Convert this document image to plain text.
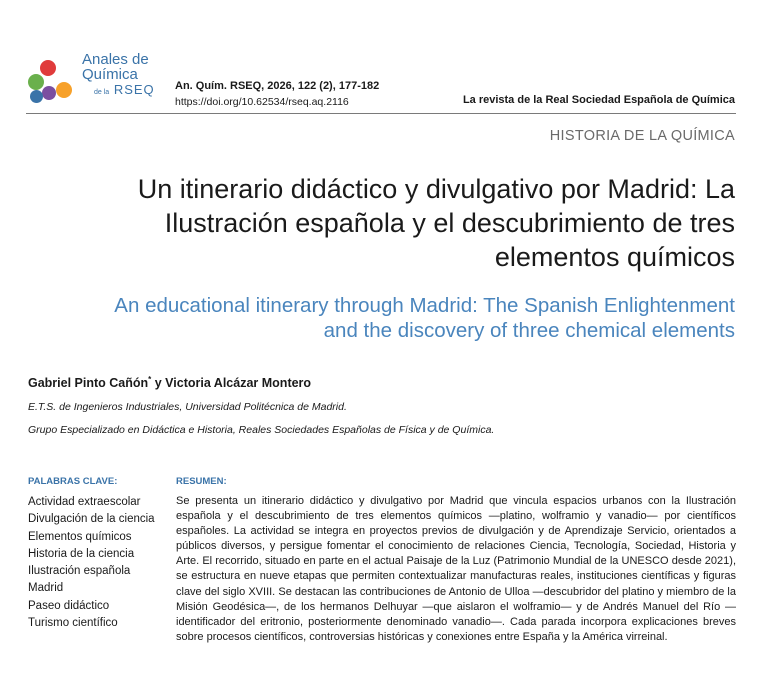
Anales de
Química
de la RSEQ An. Quím. RSEQ, 2026, 122 (2), 177-182
https://doi.org/10.62534/rseq.aq.2116	La revista de la Real Sociedad Española de Química
HISTORIA DE LA QUÍMICA
Un itinerario didáctico y divulgativo por Madrid: La Ilustración española y el descubrimiento de tres elementos químicos
An educational itinerary through Madrid: The Spanish Enlightenment and the discovery of three chemical elements
Gabriel Pinto Cañón* y Victoria Alcázar Montero
E.T.S. de Ingenieros Industriales, Universidad Politécnica de Madrid.
Grupo Especializado en Didáctica e Historia, Reales Sociedades Españolas de Física y de Química.
PALABRAS CLAVE:
Actividad extraescolar
Divulgación de la ciencia
Elementos químicos
Historia de la ciencia
Ilustración española
Madrid
Paseo didáctico
Turismo científico
RESUMEN:

Se presenta un itinerario didáctico y divulgativo por Madrid que vincula espacios urbanos con la Ilustración española y el descubrimiento de tres elementos químicos —platino, wolframio y vanadio— por científicos españoles. La actividad se integra en proyectos previos de divulgación y de Aprendizaje Servicio, orientados a públicos diversos, y persigue fomentar el conocimiento de relaciones Ciencia, Tecnología, Sociedad, Historia y Arte. El recorrido, situado en parte en el actual Paisaje de la Luz (Patrimonio Mundial de la UNESCO desde 2021), se estructura en nueve etapas que permiten contextualizar manufacturas reales, instituciones científicas y figuras clave del siglo XVIII. Se destacan las contribuciones de Antonio de Ulloa —descubridor del platino y miembro de la Misión Geodésica—, de los hermanos Delhuyar —que aislaron el wolframio— y de Andrés Manuel del Río —identificador del eritronio, posteriormente denominado vanadio—. Cada parada incorpora explicaciones breves sobre procesos científicos, controversias históricas y conexiones entre España y la América virreinal.
